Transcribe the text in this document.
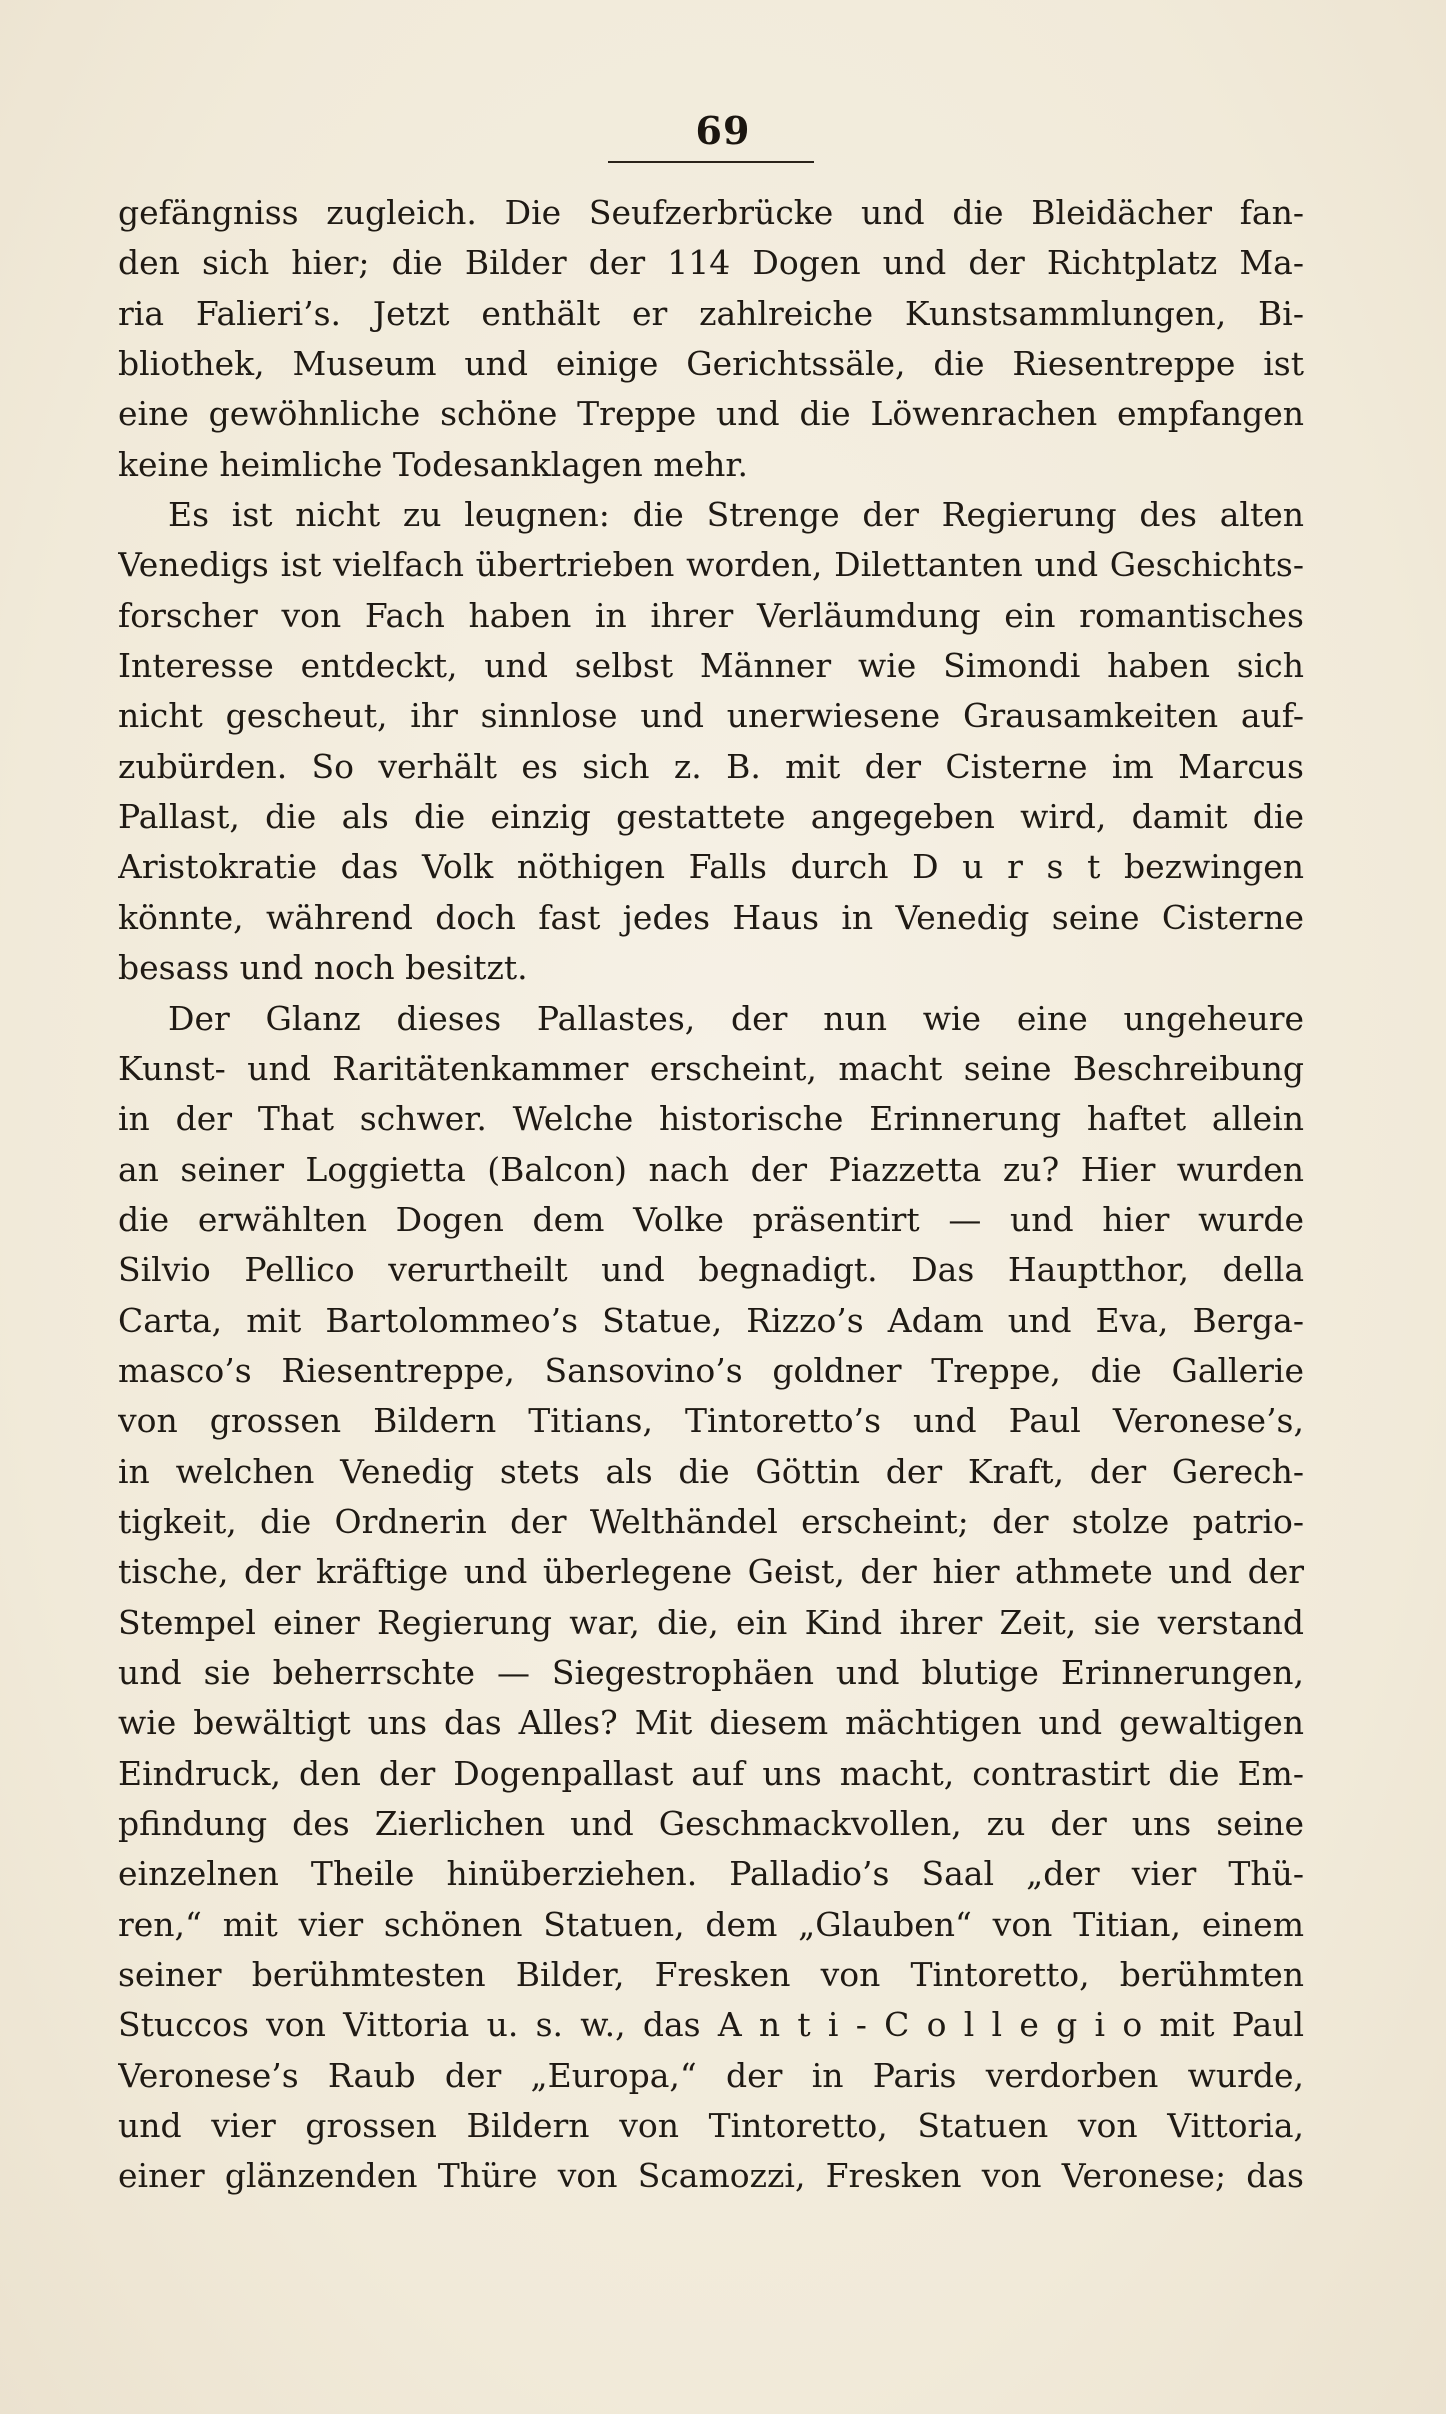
69
gefängniss zugleich. Die Seufzerbrücke und die Bleidächer fan-
den sich hier; die Bilder der 114 Dogen und der Richtplatz Ma-
ria Falieri’s. Jetzt enthält er zahlreiche Kunstsammlungen, Bi-
bliothek, Museum und einige Gerichtssäle, die Riesentreppe ist
eine gewöhnliche schöne Treppe und die Löwenrachen empfangen
keine heimliche Todesanklagen mehr.
Es ist nicht zu leugnen: die Strenge der Regierung des alten
Venedigs ist vielfach übertrieben worden, Dilettanten und Geschichts-
forscher von Fach haben in ihrer Verläumdung ein romantisches
Interesse entdeckt, und selbst Männer wie Simondi haben sich
nicht gescheut, ihr sinnlose und unerwiesene Grausamkeiten auf-
zubürden. So verhält es sich z. B. mit der Cisterne im Marcus
Pallast, die als die einzig gestattete angegeben wird, damit die
Aristokratie das Volk nöthigen Falls durch D u r s t bezwingen
könnte, während doch fast jedes Haus in Venedig seine Cisterne
besass und noch besitzt.
Der Glanz dieses Pallastes, der nun wie eine ungeheure
Kunst- und Raritätenkammer erscheint, macht seine Beschreibung
in der That schwer. Welche historische Erinnerung haftet allein
an seiner Loggietta (Balcon) nach der Piazzetta zu? Hier wurden
die erwählten Dogen dem Volke präsentirt — und hier wurde
Silvio Pellico verurtheilt und begnadigt. Das Hauptthor, della
Carta, mit Bartolommeo’s Statue, Rizzo’s Adam und Eva, Berga-
masco’s Riesentreppe, Sansovino’s goldner Treppe, die Gallerie
von grossen Bildern Titians, Tintoretto’s und Paul Veronese’s,
in welchen Venedig stets als die Göttin der Kraft, der Gerech-
tigkeit, die Ordnerin der Welthändel erscheint; der stolze patrio-
tische, der kräftige und überlegene Geist, der hier athmete und der
Stempel einer Regierung war, die, ein Kind ihrer Zeit, sie verstand
und sie beherrschte — Siegestrophäen und blutige Erinnerungen,
wie bewältigt uns das Alles? Mit diesem mächtigen und gewaltigen
Eindruck, den der Dogenpallast auf uns macht, contrastirt die Em-
pfindung des Zierlichen und Geschmackvollen, zu der uns seine
einzelnen Theile hinüberziehen. Palladio’s Saal „der vier Thü-
ren,“ mit vier schönen Statuen, dem „Glauben“ von Titian, einem
seiner berühmtesten Bilder, Fresken von Tintoretto, berühmten
Stuccos von Vittoria u. s. w., das A n t i - C o l l e g i o mit Paul
Veronese’s Raub der „Europa,“ der in Paris verdorben wurde,
und vier grossen Bildern von Tintoretto, Statuen von Vittoria,
einer glänzenden Thüre von Scamozzi, Fresken von Veronese; das
